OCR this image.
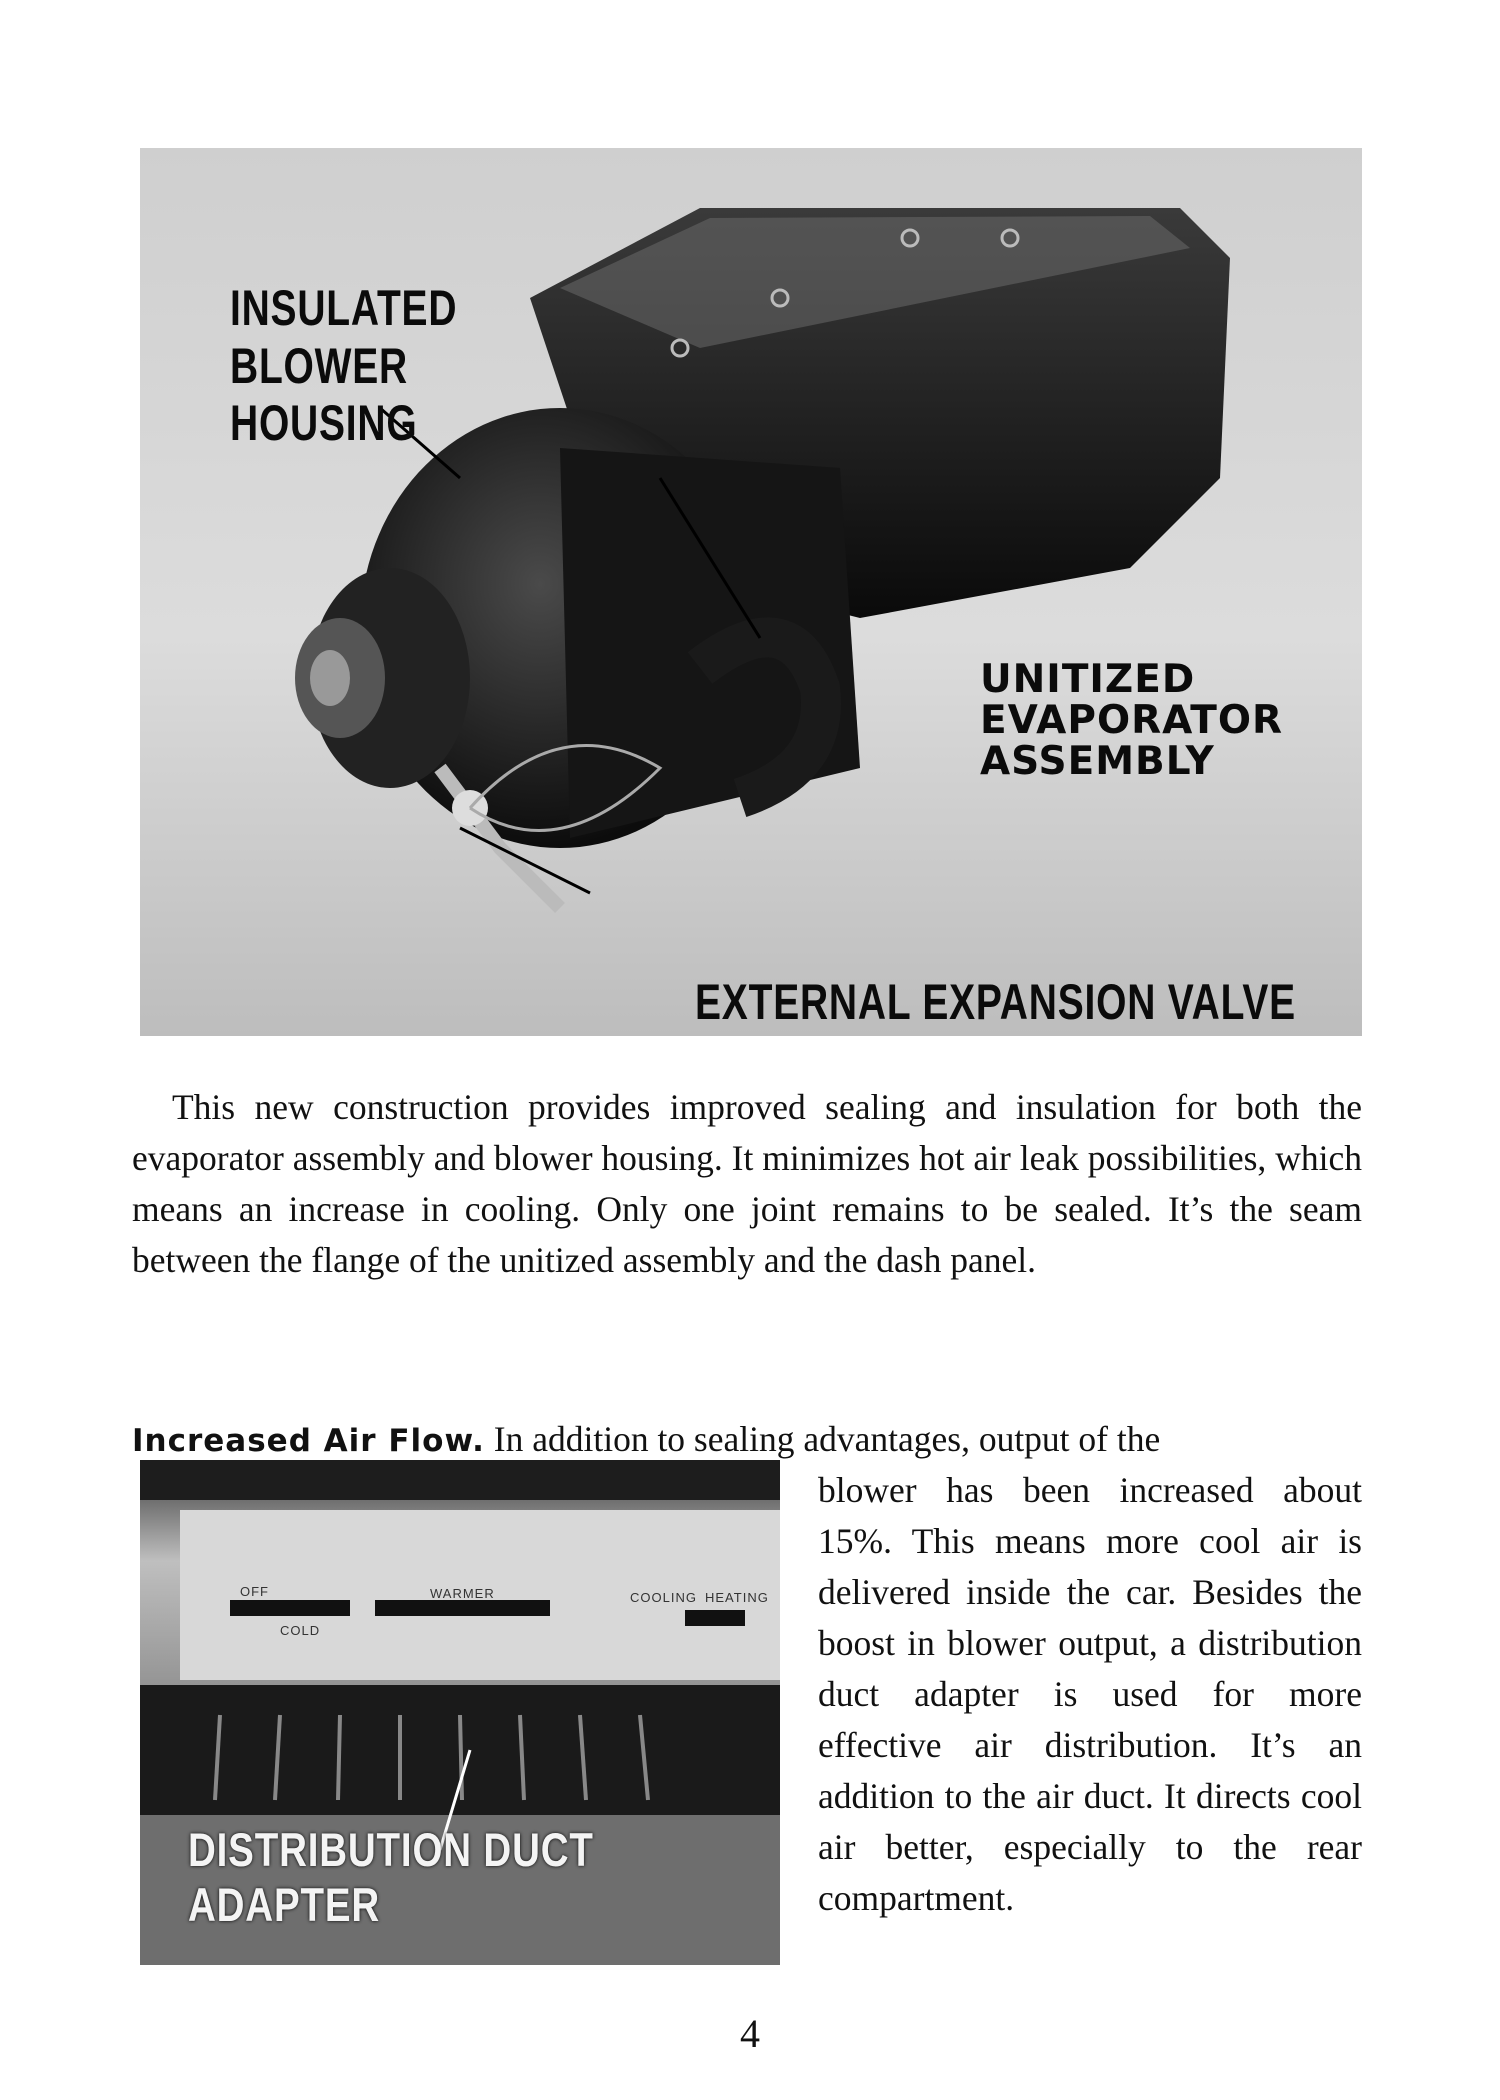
INSULATED
BLOWER
HOUSING

UNITIZED
EVAPORATOR
ASSEMBLY

EXTERNAL EXPANSION VALVE

This new construction provides improved sealing and insulation for both the evaporator assembly and blower housing. It minimizes hot air leak possibilities, which means an increase in cooling. Only one joint remains to be sealed. It’s the seam between the flange of the unitized assembly and the dash panel.

Increased Air Flow. In addition to sealing advantages, output of the

OFF
COLD
WARMER	COOLING HEATING

DISTRIBUTION DUCT ADAPTER

blower has been increased about 15%. This means more cool air is delivered inside the car. Besides the boost in blower output, a distribution duct adapter is used for more effective air distribution. It’s an addition to the air duct. It directs cool air better, especially to the rear compartment.

4
